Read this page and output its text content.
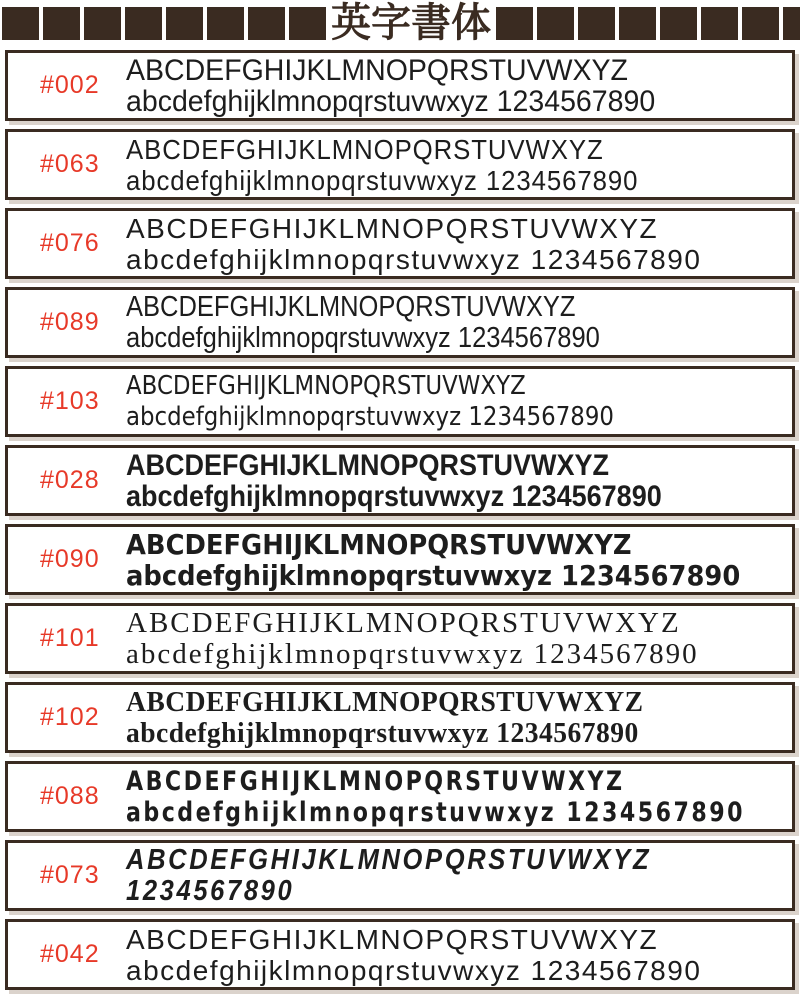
英字書体
#002 ABCDEFGHIJKLMNOPQRSTUVWXYZ
abcdefghijklmnopqrstuvwxyz 1234567890
#063 ABCDEFGHIJKLMNOPQRSTUVWXYZ
abcdefghijklmnopqrstuvwxyz 1234567890
#076 ABCDEFGHIJKLMNOPQRSTUVWXYZ
abcdefghijklmnopqrstuvwxyz 1234567890
#089 ABCDEFGHIJKLMNOPQRSTUVWXYZ
abcdefghijklmnopqrstuvwxyz 1234567890
#103
ABCDEFGHIJKLMNOPQRSTUVWXYZ
abcdefghijklmnopqrstuvwxyz 1234567890
#028 ABCDEFGHIJKLMNOPQRSTUVWXYZ
abcdefghijklmnopqrstuvwxyz 1234567890
#090 ABCDEFGHIJKLMNOPQRSTUVWXYZ
abcdefghijklmnopqrstuvwxyz 1234567890
#101 ABCDEFGHIJKLMNOPQRSTUVWXYZ
abcdefghijklmnopqrstuvwxyz 1234567890
#102 ABCDEFGHIJKLMNOPQRSTUVWXYZ
abcdefghijklmnopqrstuvwxyz 1234567890
#088 ABCDEFGHIJKLMNOPQRSTUVWXYZ
abcdefghijklmnopqrstuvwxyz 1234567890
#073 ABCDEFGHIJKLMNOPQRSTUVWXYZ
1234567890
#042 ABCDEFGHIJKLMNOPQRSTUVWXYZ
abcdefghijklmnopqrstuvwxyz 1234567890
